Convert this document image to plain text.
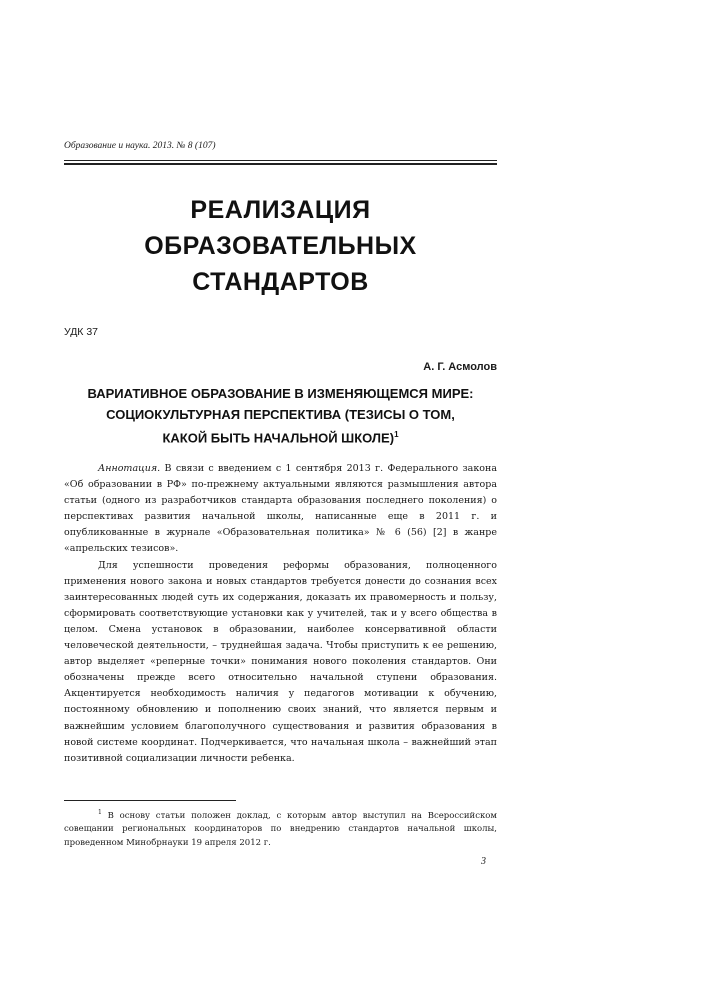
Образование и наука. 2013. № 8 (107)
РЕАЛИЗАЦИЯ
ОБРАЗОВАТЕЛЬНЫХ
СТАНДАРТОВ
УДК 37
А. Г. Асмолов
ВАРИАТИВНОЕ ОБРАЗОВАНИЕ В ИЗМЕНЯЮЩЕМСЯ МИРЕ:
СОЦИОКУЛЬТУРНАЯ ПЕРСПЕКТИВА (ТЕЗИСЫ О ТОМ,
КАКОЙ БЫТЬ НАЧАЛЬНОЙ ШКОЛЕ)$^1$

Аннотация. В связи с введением с 1 сентября 2013 г. Федерального закона «Об образовании в РФ» по-прежнему актуальными являются размышления автора статьи (одного из разработчиков стандарта образования последнего поколения) о перспективах развития начальной школы, написанные еще в 2011 г. и опубликованные в журнале «Образовательная политика» № 6 (56) [2] в жанре «апрельских тезисов».

Для успешности проведения реформы образования, полноценного применения нового закона и новых стандартов требуется донести до сознания всех заинтересованных людей суть их содержания, доказать их правомерность и пользу, сформировать соответствующие установки как у учителей, так и у всего общества в целом. Смена установок в образовании, наиболее консервативной области человеческой деятельности, – труднейшая задача. Чтобы приступить к ее решению, автор выделяет «реперные точки» понимания нового поколения стандартов. Они обозначены прежде всего относительно начальной ступени образования. Акцентируется необходимость наличия у педагогов мотивации к обучению, постоянному обновлению и пополнению своих знаний, что является первым и важнейшим условием благополучного существования и развития образования в новой системе координат. Подчеркивается, что начальная школа – важнейший этап позитивной социализации личности ребенка.

$^1$ В основу статьи положен доклад, с которым автор выступил на Всероссийском совещании региональных координаторов по внедрению стандартов начальной школы, проведенном Минобрнауки 19 апреля 2012 г.

3
